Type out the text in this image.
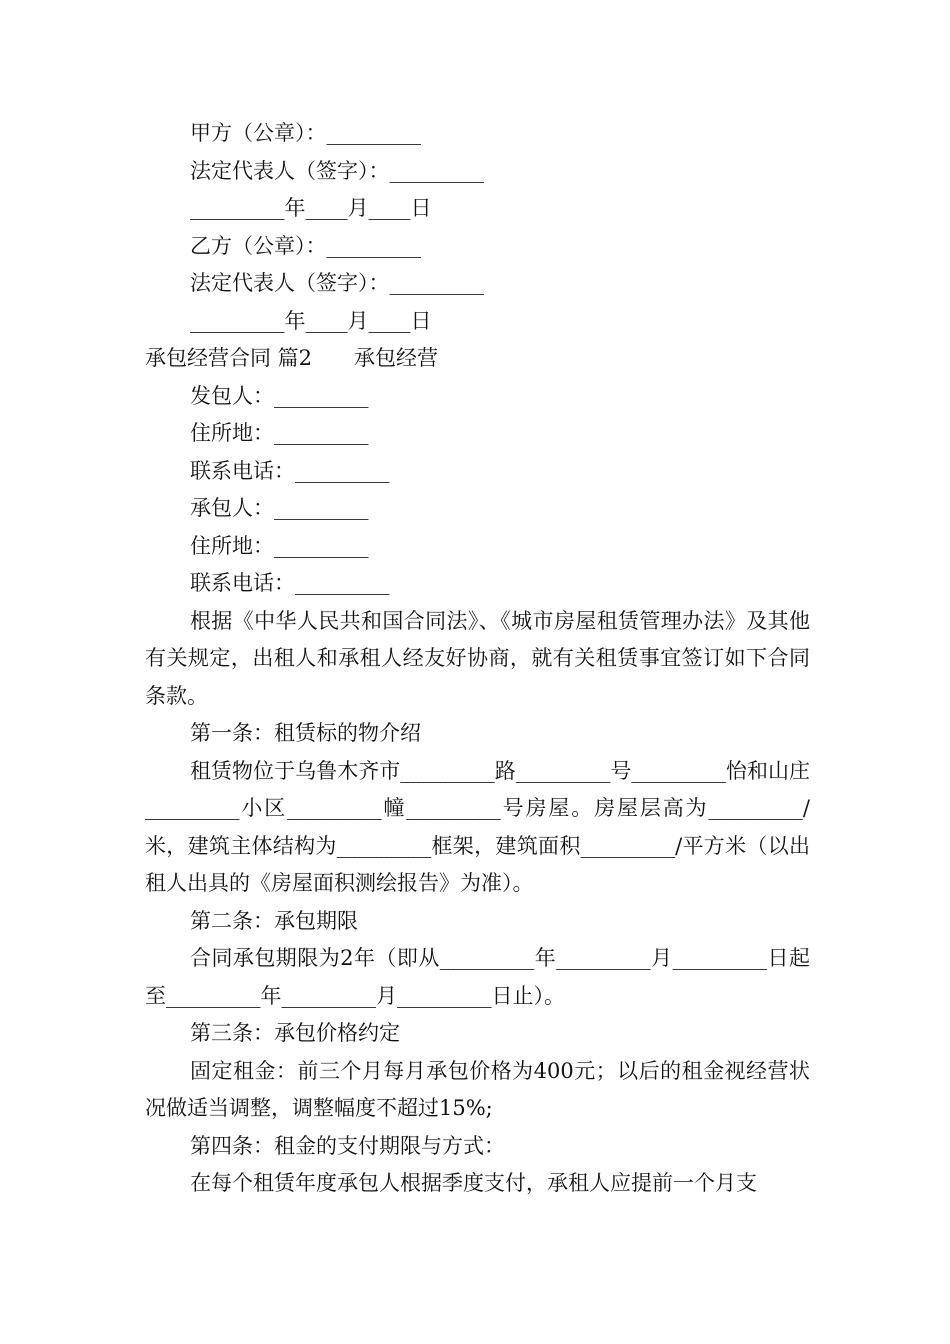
甲方（公章）：_________
法定代表人（签字）：_________
_________年____月____日
乙方（公章）：_________
法定代表人（签字）：_________
_________年____月____日
承包经营合同 篇2　　承包经营
发包人：_________
住所地：_________
联系电话：_________
承包人：_________
住所地：_________
联系电话：_________

根据《中华人民共和国合同法》、《城市房屋租赁管理办法》及其他有关规定，出租人和承租人经友好协商，就有关租赁事宜签订如下合同条款。

第一条：租赁标的物介绍

租赁物位于乌鲁木齐市_________路_________号_________怡和山庄_________小区_________幢_________号房屋。房屋层高为_________/米，建筑主体结构为_________框架，建筑面积_________/平方米（以出租人出具的《房屋面积测绘报告》为准）。

第二条：承包期限

合同承包期限为2年（即从_________年_________月_________日起至_________年_________月_________日止）。

第三条：承包价格约定

固定租金：前三个月每月承包价格为400元；以后的租金视经营状况做适当调整，调整幅度不超过15%;

第四条：租金的支付期限与方式：

在每个租赁年度承包人根据季度支付，承租人应提前一个月支
